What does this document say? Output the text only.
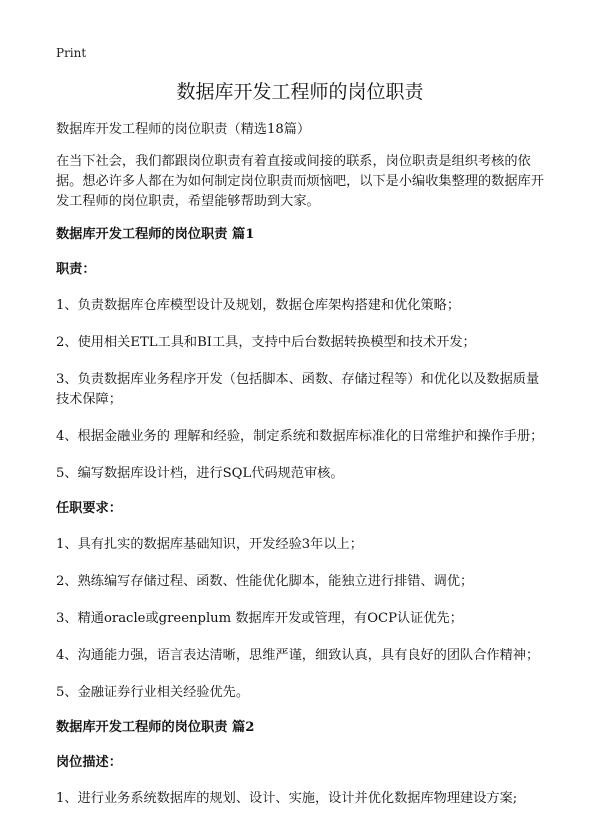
Print
数据库开发工程师的岗位职责

数据库开发工程师的岗位职责（精选18篇）

在当下社会，我们都跟岗位职责有着直接或间接的联系，岗位职责是组织考核的依据。想必许多人都在为如何制定岗位职责而烦恼吧，以下是小编收集整理的数据库开发工程师的岗位职责，希望能够帮助到大家。

数据库开发工程师的岗位职责 篇1

职责：

1、负责数据库仓库模型设计及规划，数据仓库架构搭建和优化策略；

2、使用相关ETL工具和BI工具，支持中后台数据转换模型和技术开发；

3、负责数据库业务程序开发（包括脚本、函数、存储过程等）和优化以及数据质量技术保障；

4、根据金融业务的 理解和经验，制定系统和数据库标准化的日常维护和操作手册；

5、编写数据库设计档，进行SQL代码规范审核。

任职要求：

1、具有扎实的数据库基础知识，开发经验3年以上；

2、熟练编写存储过程、函数、性能优化脚本，能独立进行排错、调优；

3、精通oracle或greenplum 数据库开发或管理，有OCP认证优先；

4、沟通能力强，语言表达清晰，思维严谨，细致认真，具有良好的团队合作精神；

5、金融证券行业相关经验优先。

数据库开发工程师的岗位职责 篇2

岗位描述：

1、进行业务系统数据库的规划、设计、实施，设计并优化数据库物理建设方案;
